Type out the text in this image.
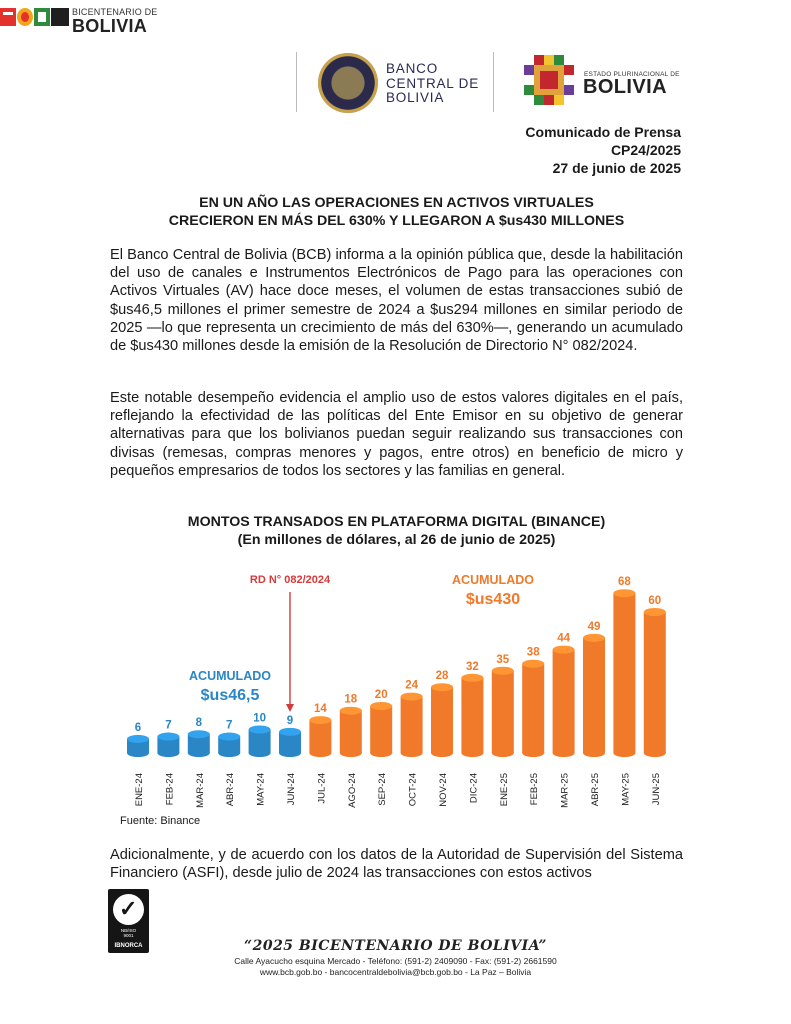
BICENTENARIO DE
BOLIVIA
BANCO
CENTRAL DE
BOLIVIA
ESTADO PLURINACIONAL DE
BOLIVIA
Comunicado de Prensa
CP24/2025
27 de junio de 2025
EN UN AÑO LAS OPERACIONES EN ACTIVOS VIRTUALES
CRECIERON EN MÁS DEL 630% Y LLEGARON A $us430 MILLONES
El Banco Central de Bolivia (BCB) informa a la opinión pública que, desde la habilitación del uso de canales e Instrumentos Electrónicos de Pago para las operaciones con Activos Virtuales (AV) hace doce meses, el volumen de estas transacciones subió de $us46,5 millones el primer semestre de 2024 a $us294 millones en similar periodo de 2025 —lo que representa un crecimiento de más del 630%—, generando un acumulado de $us430 millones desde la emisión de la Resolución de Directorio N° 082/2024.
Este notable desempeño evidencia el amplio uso de estos valores digitales en el país, reflejando la efectividad de las políticas del Ente Emisor en su objetivo de generar alternativas para que los bolivianos puedan seguir realizando sus transacciones con divisas (remesas, compras menores y pagos, entre otros) en beneficio de micro y pequeños empresarios de todos los sectores y las familias en general.
MONTOS TRANSADOS EN PLATAFORMA DIGITAL (BINANCE)
(En millones de dólares, al 26 de junio de 2025)
6
ENE-24
7
FEB-24
8
MAR-24
7
ABR-24
10
MAY-24
9
JUN-24
14
JUL-24
18
AGO-24
20
SEP-24
24
OCT-24
28
NOV-24
32
DIC-24
35
ENE-25
38
FEB-25
44
MAR-25
49
ABR-25
68
MAY-25
60
JUN-25
RD N° 082/2024
ACUMULADO
$us46,5
ACUMULADO
$us430
Fuente: Binance
Adicionalmente, y de acuerdo con los datos de la Autoridad de Supervisión del Sistema Financiero (ASFI), desde julio de 2024 las transacciones con estos activos
✓
NB/ISO
9001
IBNORCA	“2025 BICENTENARIO DE BOLIVIA”
Calle Ayacucho esquina Mercado - Teléfono: (591-2) 2409090 - Fax: (591-2) 2661590
www.bcb.gob.bo - bancocentraldebolivia@bcb.gob.bo - La Paz – Bolivia
